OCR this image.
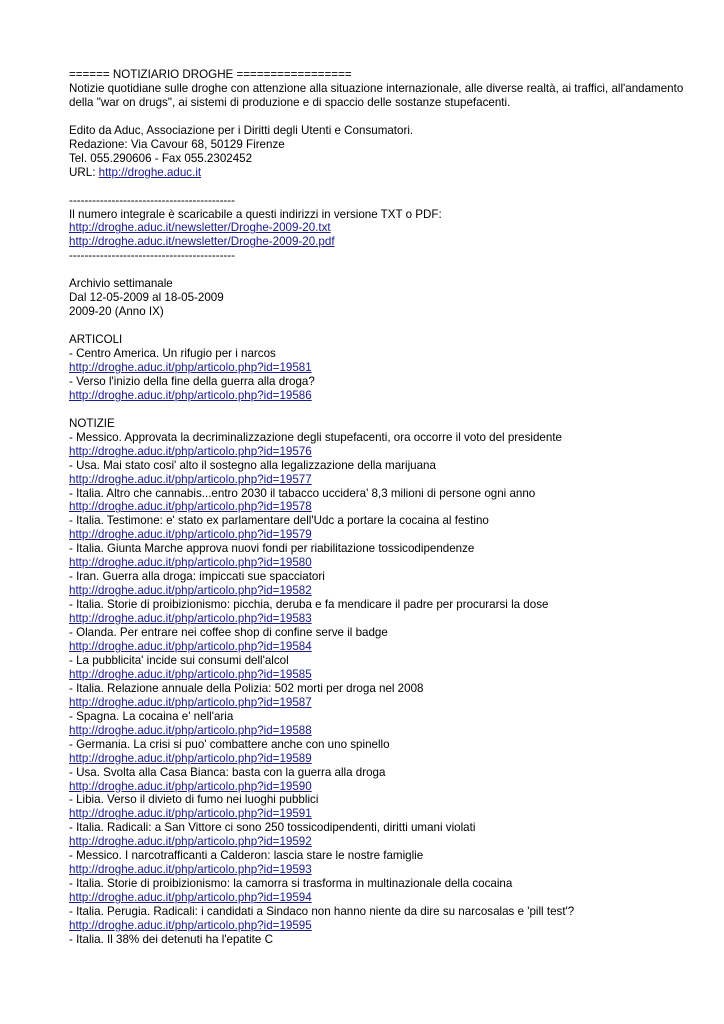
====== NOTIZIARIO DROGHE =================
Notizie quotidiane sulle droghe con attenzione alla situazione internazionale, alle diverse realtà, ai traffici, all'andamento della "war on drugs", ai sistemi di produzione e di spaccio delle sostanze stupefacenti.
Edito da Aduc, Associazione per i Diritti degli Utenti e Consumatori.
Redazione: Via Cavour 68, 50129 Firenze
Tel. 055.290606 - Fax 055.2302452
URL: http://droghe.aduc.it
-------------------------------------------
Il numero integrale è scaricabile a questi indirizzi in versione TXT o PDF:
http://droghe.aduc.it/newsletter/Droghe-2009-20.txt
http://droghe.aduc.it/newsletter/Droghe-2009-20.pdf
-------------------------------------------
Archivio settimanale
Dal 12-05-2009 al 18-05-2009
2009-20 (Anno IX)
ARTICOLI
- Centro America. Un rifugio per i narcos
http://droghe.aduc.it/php/articolo.php?id=19581
- Verso l'inizio della fine della guerra alla droga?
http://droghe.aduc.it/php/articolo.php?id=19586
NOTIZIE
- Messico. Approvata la decriminalizzazione degli stupefacenti, ora occorre il voto del presidente
http://droghe.aduc.it/php/articolo.php?id=19576
- Usa. Mai stato cosi' alto il sostegno alla legalizzazione della marijuana
http://droghe.aduc.it/php/articolo.php?id=19577
- Italia. Altro che cannabis...entro 2030 il tabacco uccidera' 8,3 milioni di persone ogni anno
http://droghe.aduc.it/php/articolo.php?id=19578
- Italia. Testimone: e' stato ex parlamentare dell'Udc a portare la cocaina al festino
http://droghe.aduc.it/php/articolo.php?id=19579
- Italia. Giunta Marche approva nuovi fondi per riabilitazione tossicodipendenze
http://droghe.aduc.it/php/articolo.php?id=19580
- Iran. Guerra alla droga: impiccati sue spacciatori
http://droghe.aduc.it/php/articolo.php?id=19582
- Italia. Storie di proibizionismo: picchia, deruba e fa mendicare il padre per procurarsi la dose
http://droghe.aduc.it/php/articolo.php?id=19583
- Olanda. Per entrare nei coffee shop di confine serve il badge
http://droghe.aduc.it/php/articolo.php?id=19584
- La pubblicita' incide sui consumi dell'alcol
http://droghe.aduc.it/php/articolo.php?id=19585
- Italia. Relazione annuale della Polizia: 502 morti per droga nel 2008
http://droghe.aduc.it/php/articolo.php?id=19587
- Spagna. La cocaina e' nell'aria
http://droghe.aduc.it/php/articolo.php?id=19588
- Germania. La crisi si puo' combattere anche con uno spinello
http://droghe.aduc.it/php/articolo.php?id=19589
- Usa. Svolta alla Casa Bianca: basta con la guerra alla droga
http://droghe.aduc.it/php/articolo.php?id=19590
- Libia. Verso il divieto di fumo nei luoghi pubblici
http://droghe.aduc.it/php/articolo.php?id=19591
- Italia. Radicali: a San Vittore ci sono 250 tossicodipendenti, diritti umani violati
http://droghe.aduc.it/php/articolo.php?id=19592
- Messico. I narcotrafficanti a Calderon: lascia stare le nostre famiglie
http://droghe.aduc.it/php/articolo.php?id=19593
- Italia. Storie di proibizionismo: la camorra si trasforma in multinazionale della cocaina
http://droghe.aduc.it/php/articolo.php?id=19594
- Italia. Perugia. Radicali: i candidati a Sindaco non hanno niente da dire su narcosalas e 'pill test'?
http://droghe.aduc.it/php/articolo.php?id=19595
- Italia. Il 38% dei detenuti ha l'epatite C
